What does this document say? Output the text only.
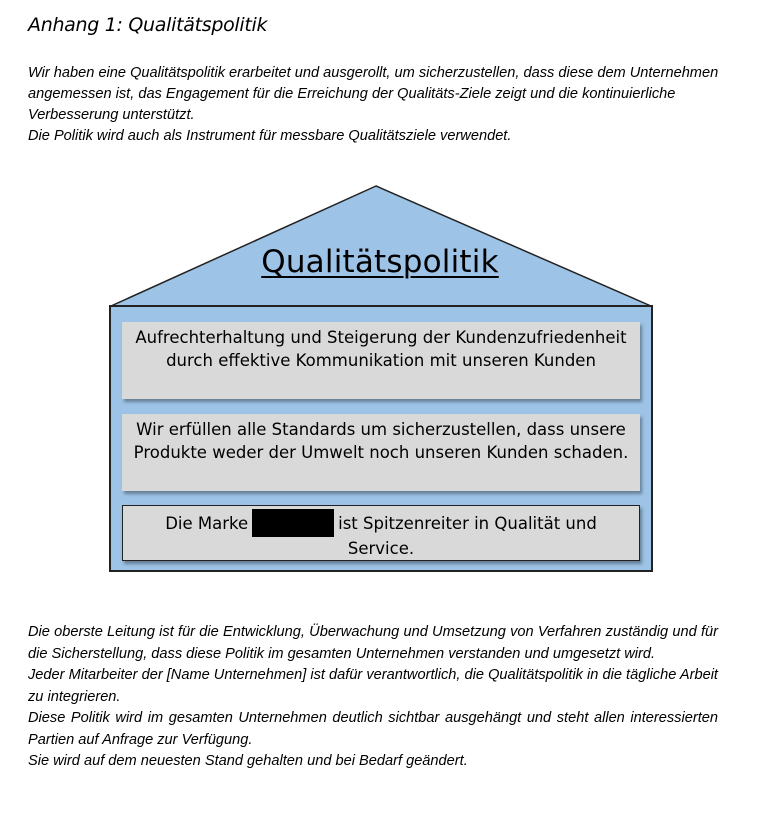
Anhang 1: Qualitätspolitik

Wir haben eine Qualitätspolitik erarbeitet und ausgerollt, um sicherzustellen, dass diese dem Unternehmen angemessen ist, das Engagement für die Erreichung der Qualitäts-Ziele zeigt und die kontinuierliche Verbesserung unterstützt.

Die Politik wird auch als Instrument für messbare Qualitätsziele verwendet.

Qualitätspolitik
Aufrechterhaltung und Steigerung der Kundenzufriedenheit durch effektive Kommunikation mit unseren Kunden
Wir erfüllen alle Standards um sicherzustellen, dass unsere Produkte weder der Umwelt noch unseren Kunden schaden.
Die Marke	ist Spitzenreiter in Qualität und Service.

Die oberste Leitung ist für die Entwicklung, Überwachung und Umsetzung von Verfahren zuständig und für die Sicherstellung, dass diese Politik im gesamten Unternehmen verstanden und umgesetzt wird.

Jeder Mitarbeiter der [Name Unternehmen] ist dafür verantwortlich, die Qualitätspolitik in die tägliche Arbeit zu integrieren.

Diese Politik wird im gesamten Unternehmen deutlich sichtbar ausgehängt und steht allen interessierten Partien auf Anfrage zur Verfügung.

Sie wird auf dem neuesten Stand gehalten und bei Bedarf geändert.
